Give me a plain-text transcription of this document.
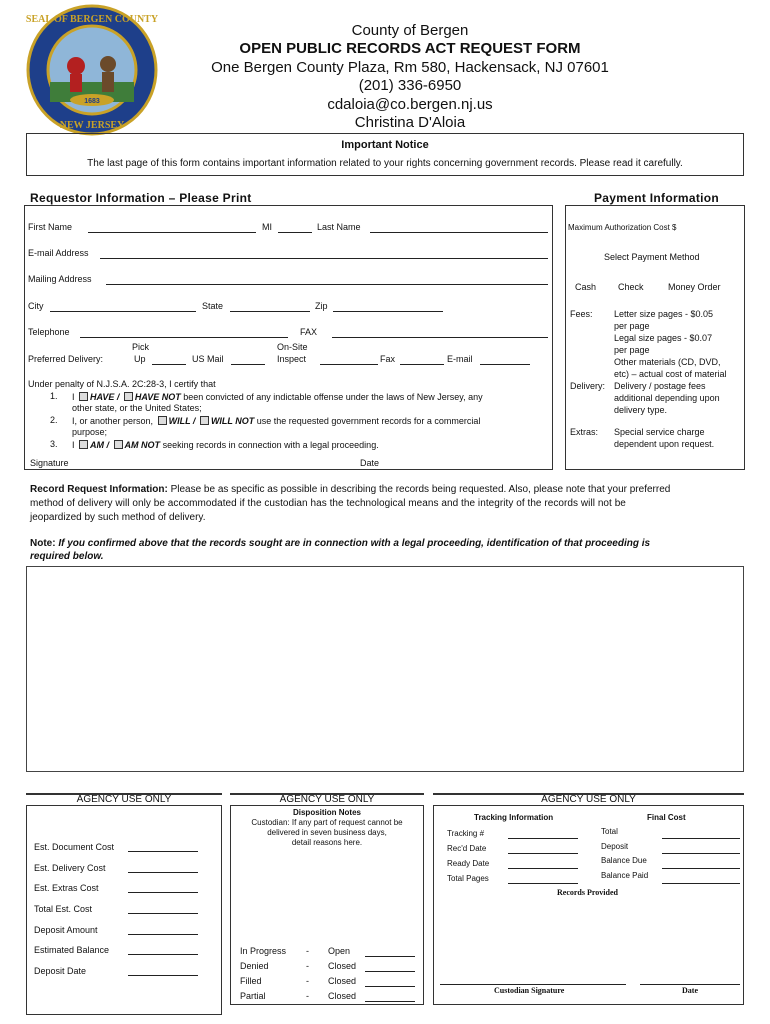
1683
SEAL OF BERGEN COUNTY
NEW JERSEY
County of Bergen
OPEN PUBLIC RECORDS ACT REQUEST FORM
One Bergen County Plaza, Rm 580, Hackensack, NJ 07601
(201) 336-6950
cdaloia@co.bergen.nj.us
Christina D'Aloia
Important Notice
The last page of this form contains important information related to your rights concerning government records. Please read it carefully.
Requestor Information – Please Print	Payment Information
First Name	MI	Last Name
E-mail Address
Mailing Address
City	State	Zip
Telephone	FAX
Pick	On-Site
Preferred Delivery:	Up	US Mail	Inspect	Fax	E-mail
Under penalty of N.J.S.A. 2C:28-3, I certify that
1. I HAVE / HAVE NOT been convicted of any indictable offense under the laws of New Jersey, any
other state, or the United States;
2. I, or another person, WILL / WILL NOT use the requested government records for a commercial
purpose;
3. I AM / AM NOT seeking records in connection with a legal proceeding.
Signature	Date
Maximum Authorization Cost $
Select Payment Method
Cash Check	Money Order
Fees: Letter size pages - $0.05
per page
Legal size pages - $0.07
per page
Other materials (CD, DVD,
etc) – actual cost of material
Delivery: Delivery / postage fees
additional depending upon
delivery type.
Extras: Special service charge
dependent upon request.
Record Request Information: Please be as specific as possible in describing the records being requested. Also, please note that your preferred
method of delivery will only be accommodated if the custodian has the technological means and the integrity of the records will not be
jeopardized by such method of delivery.
Note: If you confirmed above that the records sought are in connection with a legal proceeding, identification of that proceeding is
required below.
AGENCY USE ONLY
Est. Document Cost
Est. Delivery Cost
Est. Extras Cost
Total Est. Cost
Deposit Amount
Estimated Balance
Deposit Date
AGENCY USE ONLY
Disposition Notes
Custodian: If any part of request cannot be
delivered in seven business days,
detail reasons here.
In Progress - Open
Denied	- Closed
Filled	- Closed
Partial	- Closed
AGENCY USE ONLY
Tracking Information	Final Cost
Tracking #
Rec'd Date
Ready Date
Total Pages
Total
Deposit
Balance Due
Balance Paid
Records Provided
Custodian Signature	Date
